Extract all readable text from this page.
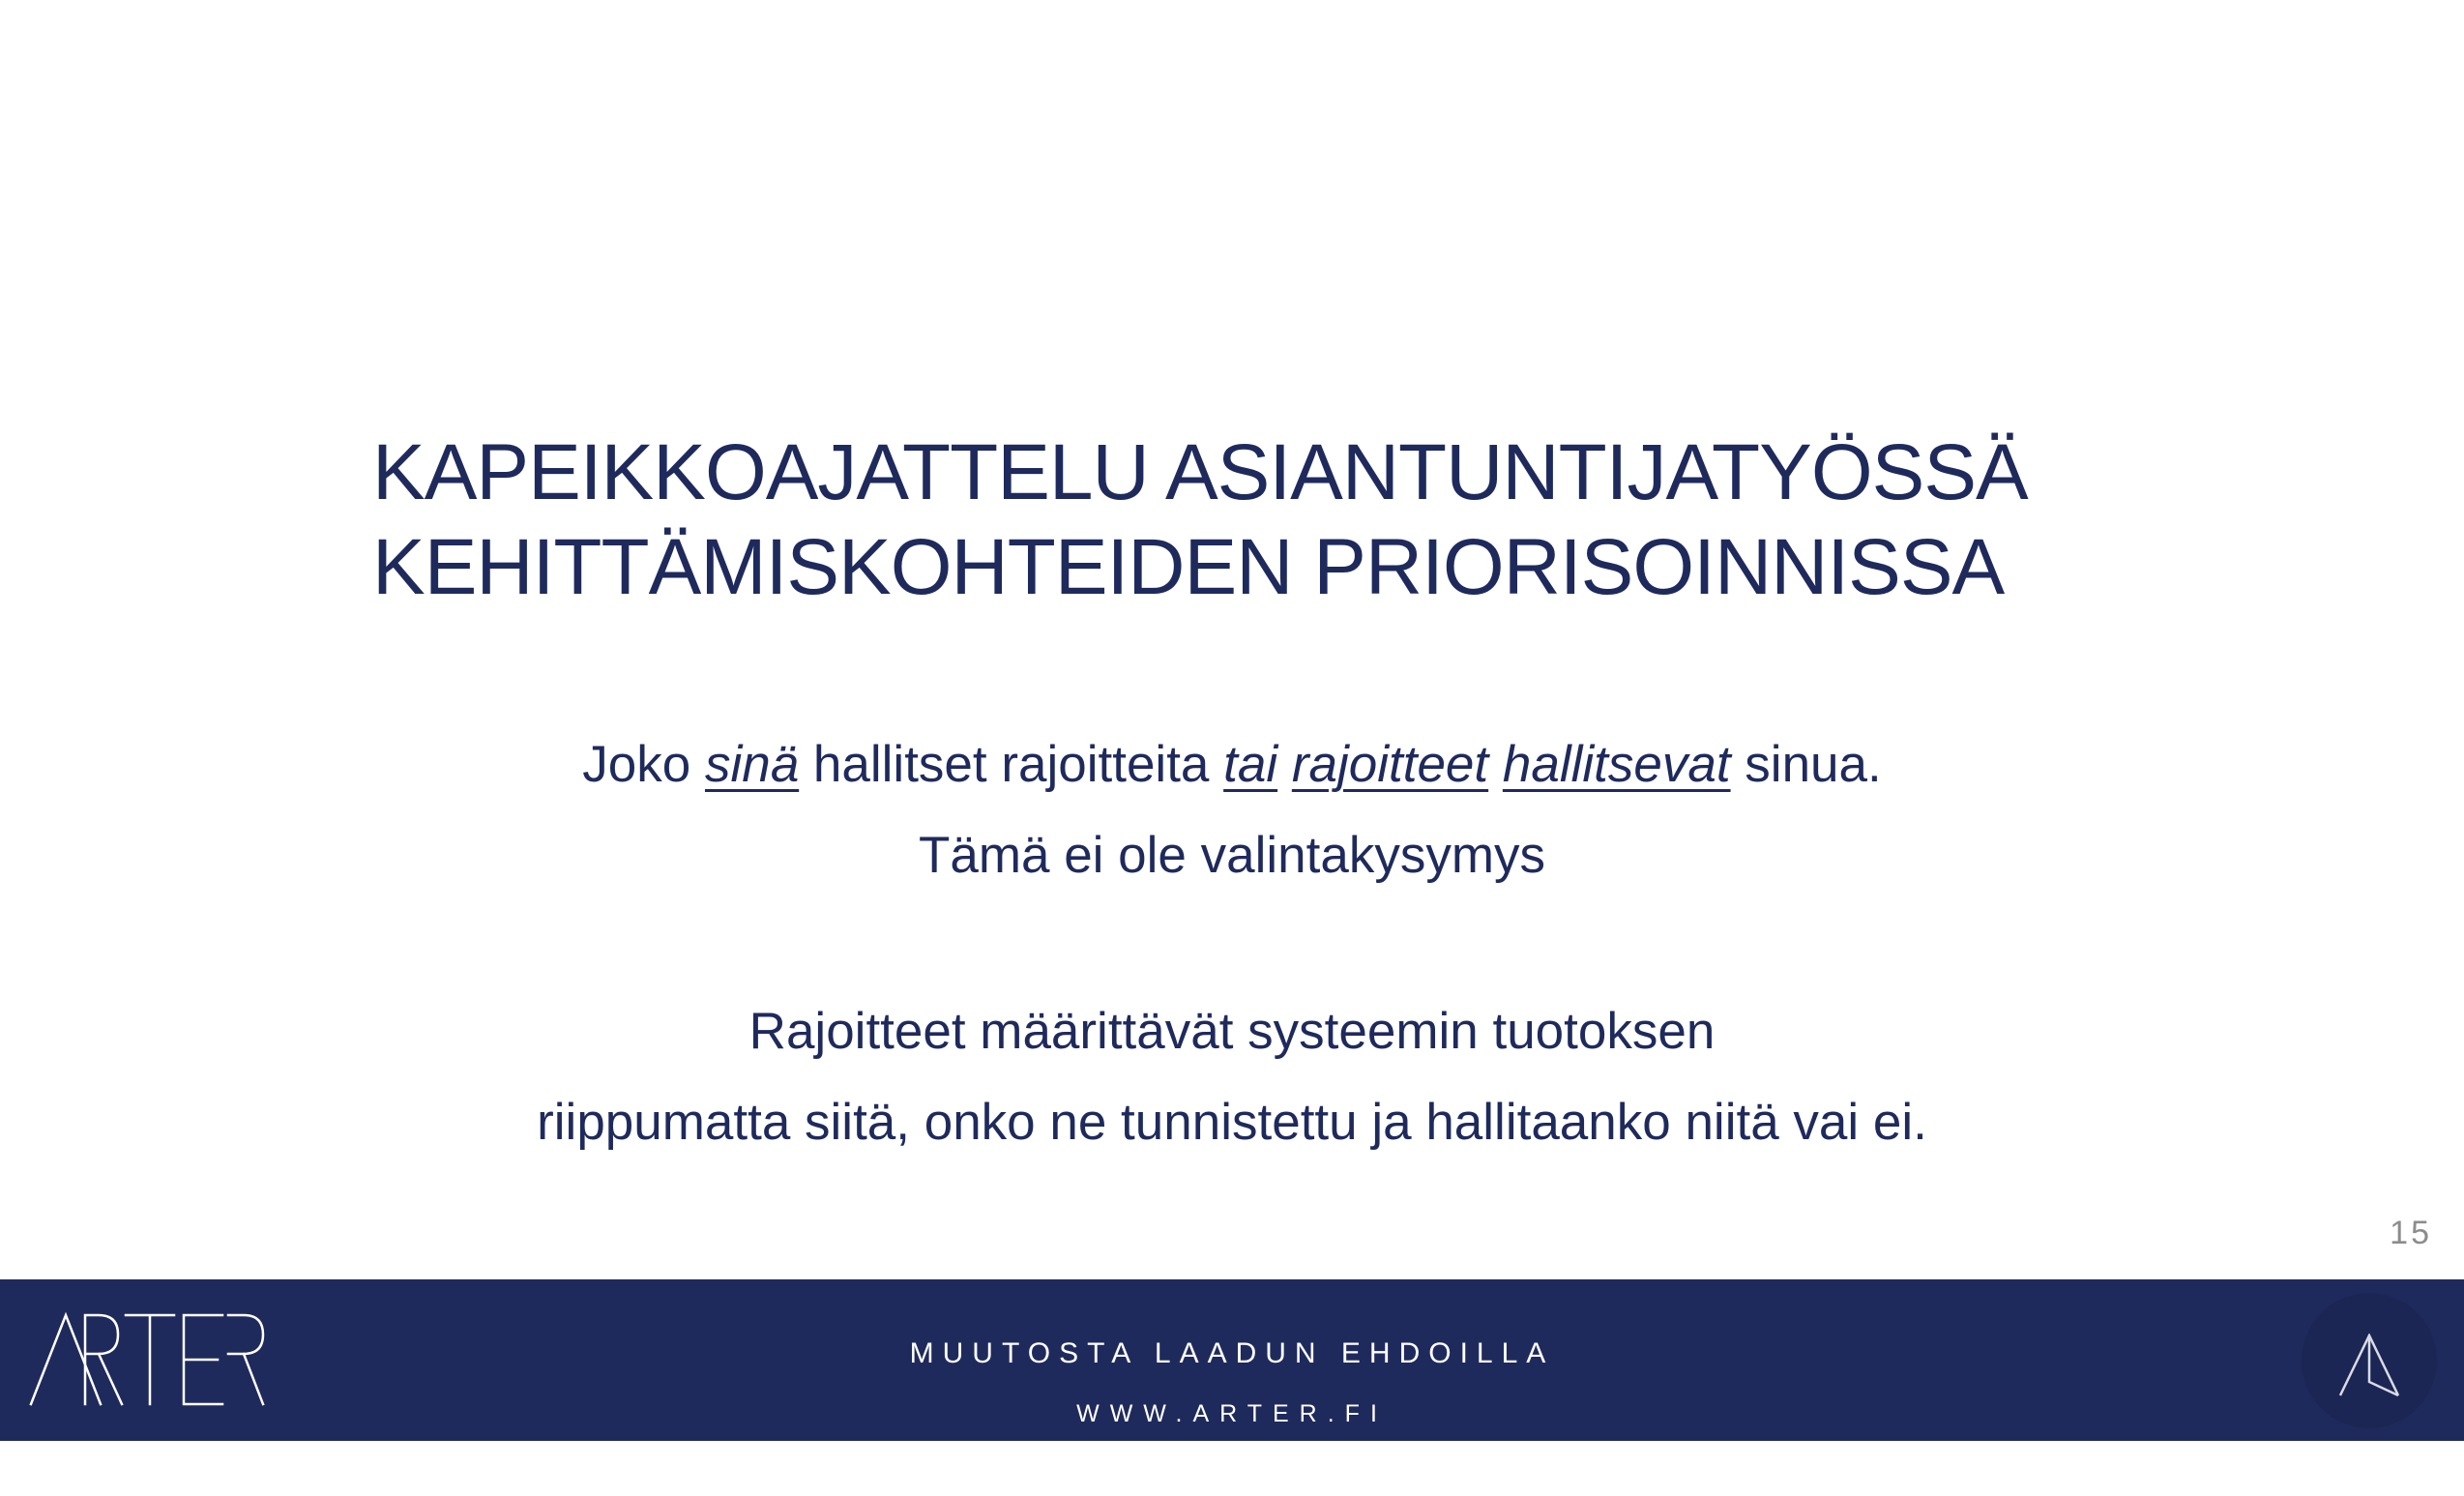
KAPEIKKOAJATTELU ASIANTUNTIJATYÖSSÄ
KEHITTÄMISKOHTEIDEN PRIORISOINNISSA

Joko sinä hallitset rajoitteita tai rajoitteet hallitsevat sinua.

Tämä ei ole valintakysymys

Rajoitteet määrittävät systeemin tuotoksen

riippumatta siitä, onko ne tunnistettu ja hallitaanko niitä vai ei.

15
MUUTOSTA LAADUN EHDOILLA
WWW.ARTER.FI
